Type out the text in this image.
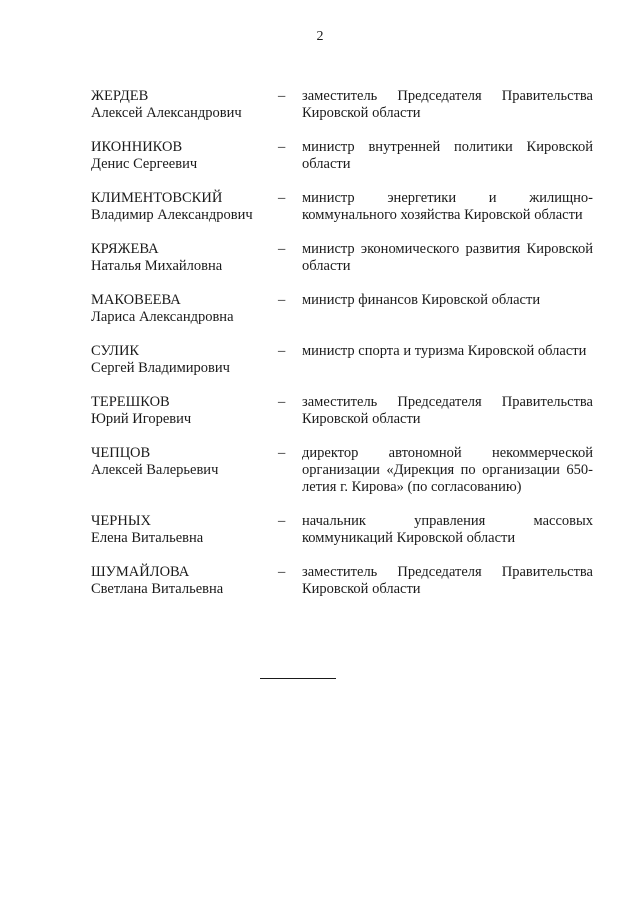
2
ЖЕРДЕВ
Алексей Александрович
–	заместитель Председателя Правительства Кировской области
ИКОННИКОВ
Денис Сергеевич
–	министр внутренней политики Кировской области
КЛИМЕНТОВСКИЙ
Владимир Александрович
–	министр энергетики и жилищно-коммунального хозяйства Кировской области
КРЯЖЕВА
Наталья Михайловна
–	министр экономического развития Кировской области
МАКОВЕЕВА
Лариса Александровна
–	министр финансов Кировской области
СУЛИК
Сергей Владимирович
–	министр спорта и туризма Кировской области
ТЕРЕШКОВ
Юрий Игоревич
–	заместитель Председателя Правительства Кировской области
ЧЕПЦОВ
Алексей Валерьевич
–	директор автономной некоммерческой организации «Дирекция по организации 650-летия г. Кирова» (по согласованию)
ЧЕРНЫХ
Елена Витальевна
–	начальник управления массовых коммуникаций Кировской области
ШУМАЙЛОВА
Светлана Витальевна
–	заместитель Председателя Правительства Кировской области
